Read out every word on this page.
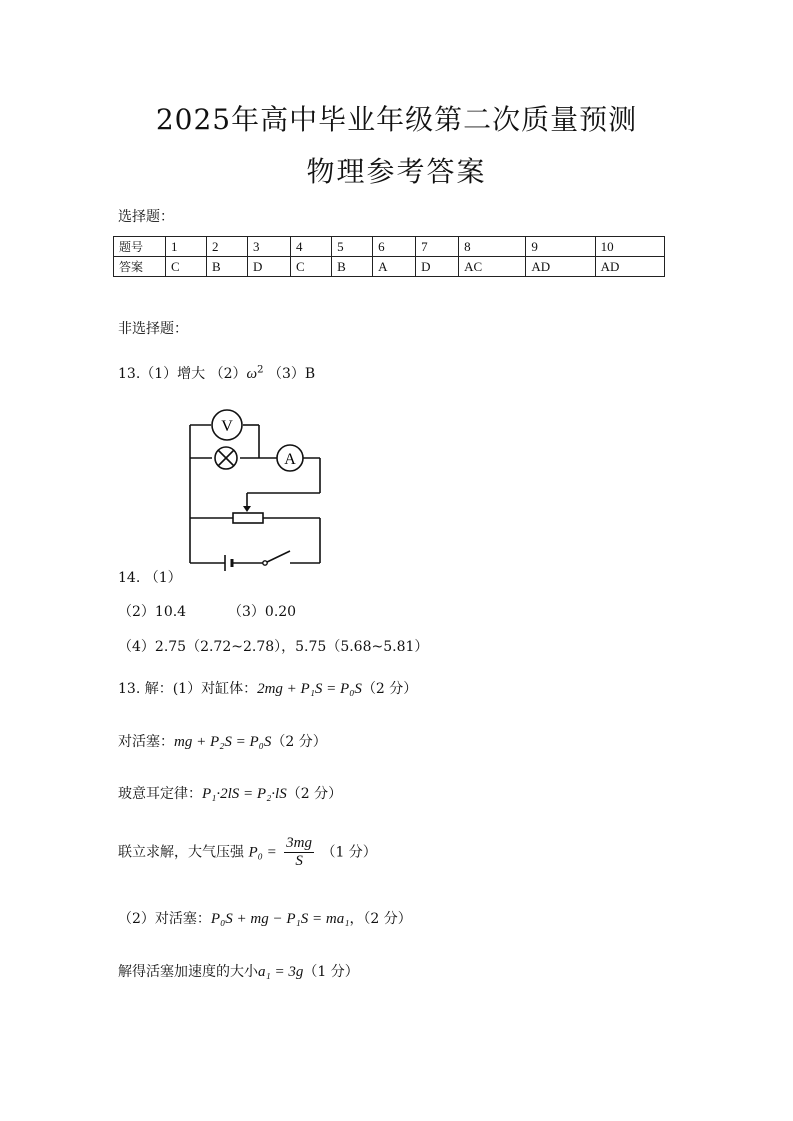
2025年高中毕业年级第二次质量预测
物理参考答案
选择题：
题号	1	2	3	4	5	6	7	8	9	10
答案	C	B	D	C	B	A	D	AC	AD	AD
非选择题：
13.（1）增大 $(2)\omega^2$ （3）B
V
A
14. （1）
（2）10.4	（3）0.20
（4）2.75（2.72~2.78），5.75（5.68~5.81）
13. 解：(1）对缸体：2mg + P₁S = P₀S（2 分）
对活塞：mg + P₂S = P₀S（2 分）
玻意耳定律：P₁·2lS = P₂·lS（2 分）
联立求解，大气压强 $P_0 = \frac{3mg}{S} (1$ 分）
（2）对活塞：P₀S + mg − P₁S = ma₁，（2 分）
解得活塞加速度的大小a₁ = 3g（1 分）
